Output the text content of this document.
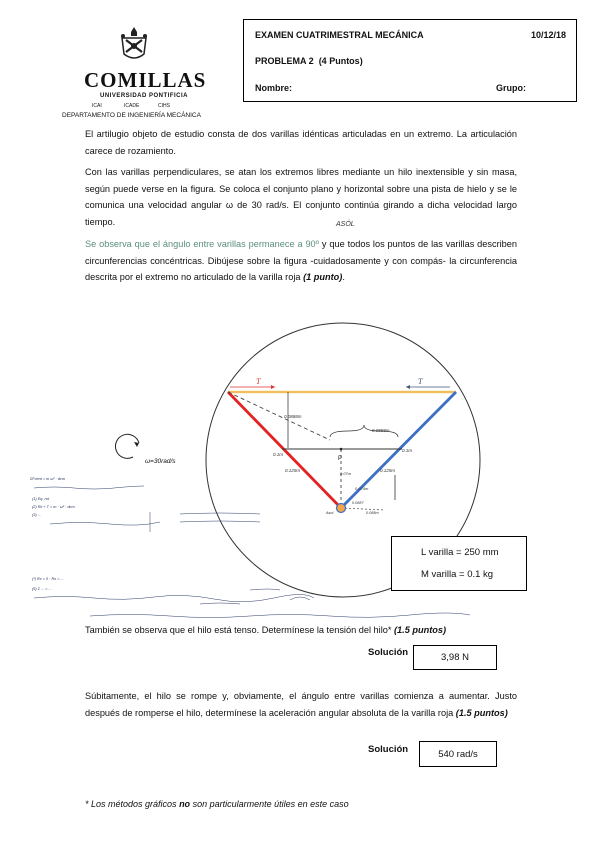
COMILLAS
UNIVERSIDAD PONTIFICIA
ICAI	ICADE	CIHS
DEPARTAMENTO DE INGENIERÍA MECÁNICA
EXAMEN CUATRIMESTRAL MECÁNICA	10/12/18
PROBLEMA 2 (4 Puntos)
Nombre:	Grupo:
El artilugio objeto de estudio consta de dos varillas idénticas articuladas en un extremo. La articulación carece de rozamiento.
Con las varillas perpendiculares, se atan los extremos libres mediante un hilo inextensible y sin masa, según puede verse en la figura. Se coloca el conjunto plano y horizontal sobre una pista de hielo y se le comunica una velocidad angular ω de 30 rad/s. El conjunto continúa girando a dicha velocidad largo tiempo.
Se observa que el ángulo entre varillas permanece a 90º y que todos los puntos de las varillas describen circunferencias concéntricas. Dibújese sobre la figura -cuidadosamente y con compás- la circunferencia descrita por el extremo no articulado de la varilla roja (1 punto).
ASÓL
T	T
P
0.0888m
0.0888m
0.1m
0.1m
0.125m	0.125m
0.07m
0.074m
Asol
0.0887
0.088m
ω=30rad/s
ΣFcent = m ω² · dcm
(1) Eq. rot
(2) Rx + T = m · ω² · dcm
(3) ...
(*) Rx = 0 · Rx = ...
(5) Σ ... = ...
L varilla = 250 mm
M varilla = 0.1 kg
También se observa que el hilo está tenso. Determínese la tensión del hilo* (1.5 puntos)
Solución	3,98 N
Súbitamente, el hilo se rompe y, obviamente, el ángulo entre varillas comienza a aumentar. Justo después de romperse el hilo, determínese la aceleración angular absoluta de la varilla roja (1.5 puntos)
Solución	540 rad/s
* Los métodos gráficos no son particularmente útiles en este caso
